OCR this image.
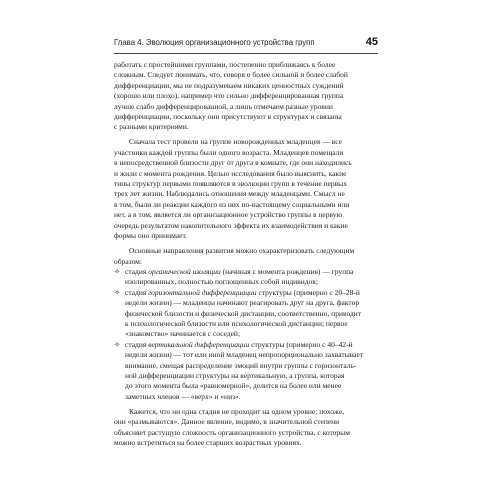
Глава 4. Эволюция организационного устройства групп	45
работать с простейшими группами, постепенно приближаясь к более
сложным. Следует понимать, что, говоря о более сильной и более слабой
дифференциации, мы не подразумеваем никаких ценностных суждений
(хорошо или плохо), например что сильно дифференцированная группа
лучше слабо дифференцированной, а лишь отмечаем разные уровни
дифференциации, поскольку они присутствуют в структурах и связаны
с разными критериями.
Сначала тест провели на группе новорожденных младенцев — все
участники каждой группы были одного возраста. Младенцев помещали
в непосредственной близости друг от друга в комнате, где они находились
и жили с момента рождения. Целью исследования было выяснить, какие
типы структур первыми появляются в эволюции групп в течение первых
трех лет жизни. Наблюдались отношения между младенцами. Смысл не
в том, были ли реакции каждого из них по-настоящему социальными или
нет, а в том, является ли организационное устройство группы в первую
очередь результатом накопительного эффекта их взаимодействия и какие
формы оно принимает.
Основные направления развития можно охарактеризовать следующим
образом:
✧ стадия органической изоляции (начиная с момента рождения) — группа
изолированных, полностью поглощенных собой индивидов;
✧ стадия горизонтальной дифференциации структуры (примерно с 20–28-й
недели жизни) — младенцы начинают реагировать друг на друга, фактор
физической близости и физической дистанции, соответственно, приводит
к психологической близости или психологической дистанции; первое
«знакомство» начинается с соседей;
✧ стадия вертикальной дифференциации структуры (примерно с 40–42-й
недели жизни) — тот или иной младенец непропорционально захватывает
внимание, смещая распределение эмоций внутри группы с горизонталь-
ной дифференциации структуры на вертикальную, а группа, которая
до этого момента была «равномерной», делится на более или менее
заметных членов — «верх» и «низ».
Кажется, что ни одна стадия не проходит на одном уровне; похоже,
они «размываются». Данное явление, видимо, в значительной степени
объясняет растущую сложность организационного устройства, с которым
можно встретиться на более старших возрастных уровнях.
